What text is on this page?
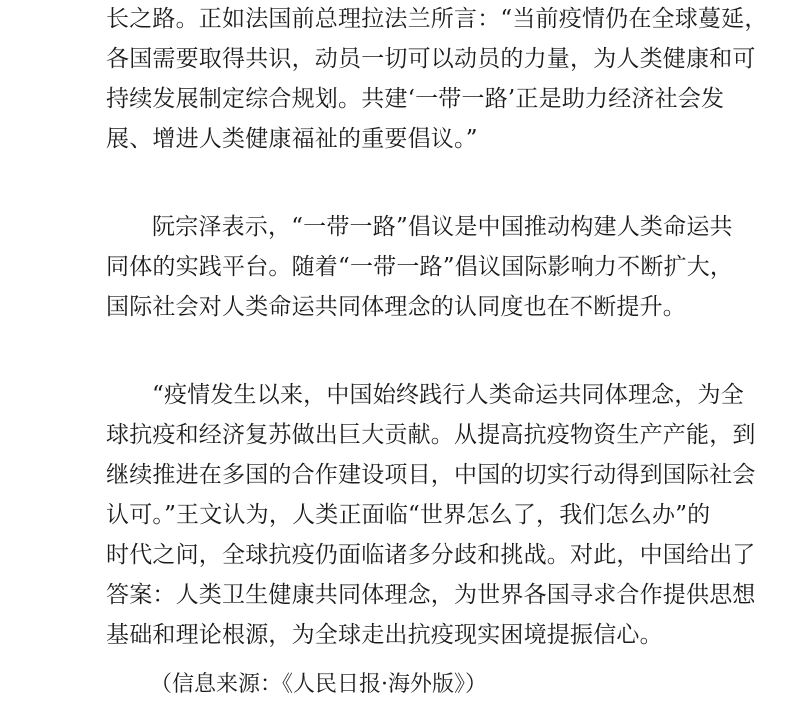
长之路。正如法国前总理拉法兰所言：“当前疫情仍在全球蔓延，
各国需要取得共识，动员一切可以动员的力量，为人类健康和可
持续发展制定综合规划。共建‘一带一路’正是助力经济社会发
展、增进人类健康福祉的重要倡议。”
阮宗泽表示，“一带一路”倡议是中国推动构建人类命运共
同体的实践平台。随着“一带一路”倡议国际影响力不断扩大，
国际社会对人类命运共同体理念的认同度也在不断提升。
“疫情发生以来，中国始终践行人类命运共同体理念，为全
球抗疫和经济复苏做出巨大贡献。从提高抗疫物资生产产能，到
继续推进在多国的合作建设项目，中国的切实行动得到国际社会
认可。”王文认为，人类正面临“世界怎么了，我们怎么办”的
时代之问，全球抗疫仍面临诸多分歧和挑战。对此，中国给出了
答案：人类卫生健康共同体理念，为世界各国寻求合作提供思想
基础和理论根源，为全球走出抗疫现实困境提振信心。
（信息来源：《人民日报·海外版》）
